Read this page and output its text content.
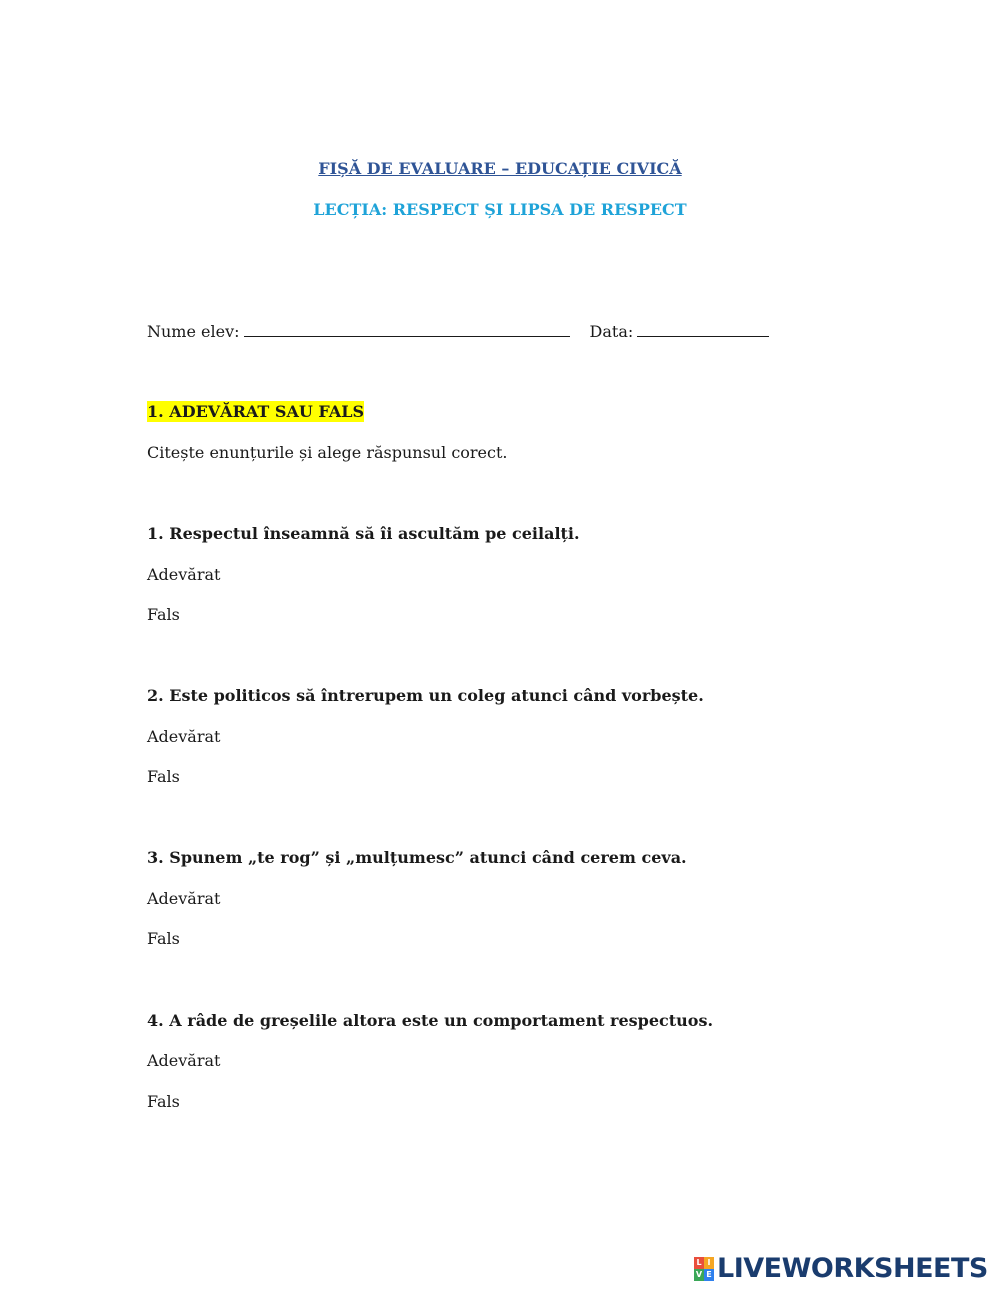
FIȘĂ DE EVALUARE – EDUCAȚIE CIVICĂ
LECȚIA: RESPECT ȘI LIPSA DE RESPECT

Nume elev:	Data:

1. ADEVĂRAT SAU FALS

Citește enunțurile și alege răspunsul corect.

1. Respectul înseamnă să îi ascultăm pe ceilalți.

Adevărat

Fals

2. Este politicos să întrerupem un coleg atunci când vorbește.

Adevărat

Fals

3. Spunem „te rog” și „mulțumesc” atunci când cerem ceva.

Adevărat

Fals

4. A râde de greșelile altora este un comportament respectuos.

Adevărat

Fals

L I
V E LIVEWORKSHEETS
